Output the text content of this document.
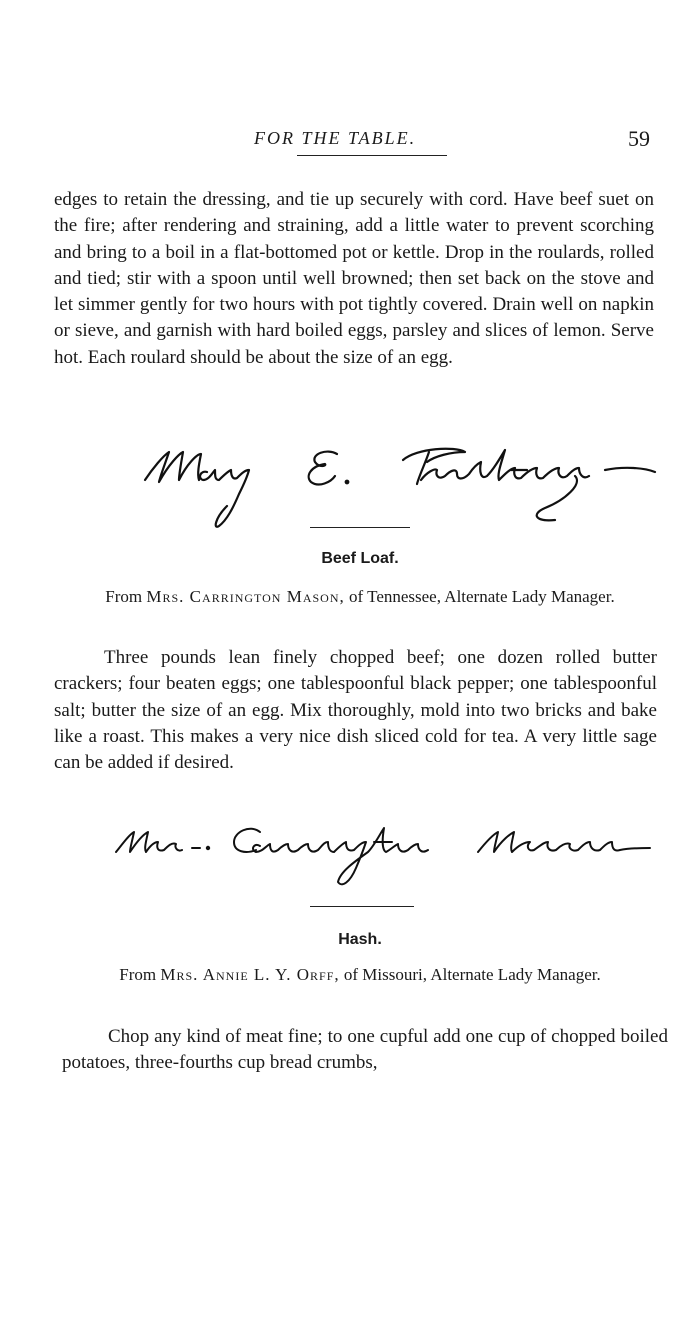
FOR THE TABLE.	59

edges to retain the dressing, and tie up securely with cord. Have beef suet on the fire; after rendering and straining, add a little water to prevent scorching and bring to a boil in a flat-bottomed pot or kettle. Drop in the roulards, rolled and tied; stir with a spoon until well browned; then set back on the stove and let simmer gently for two hours with pot tightly covered. Drain well on napkin or sieve, and garnish with hard boiled eggs, parsley and slices of lemon. Serve hot. Each roulard should be about the size of an egg.

Beef Loaf.
From Mrs. Carrington Mason, of Tennessee, Alternate Lady Manager.

Three pounds lean finely chopped beef; one dozen rolled butter crackers; four beaten eggs; one tablespoonful black pepper; one tablespoonful salt; butter the size of an egg. Mix thoroughly, mold into two bricks and bake like a roast. This makes a very nice dish sliced cold for tea. A very little sage can be added if desired.

Hash.
From Mrs. Annie L. Y. Orff, of Missouri, Alternate Lady Manager.

Chop any kind of meat fine; to one cupful add one cup of chopped boiled potatoes, three-fourths cup bread crumbs,
